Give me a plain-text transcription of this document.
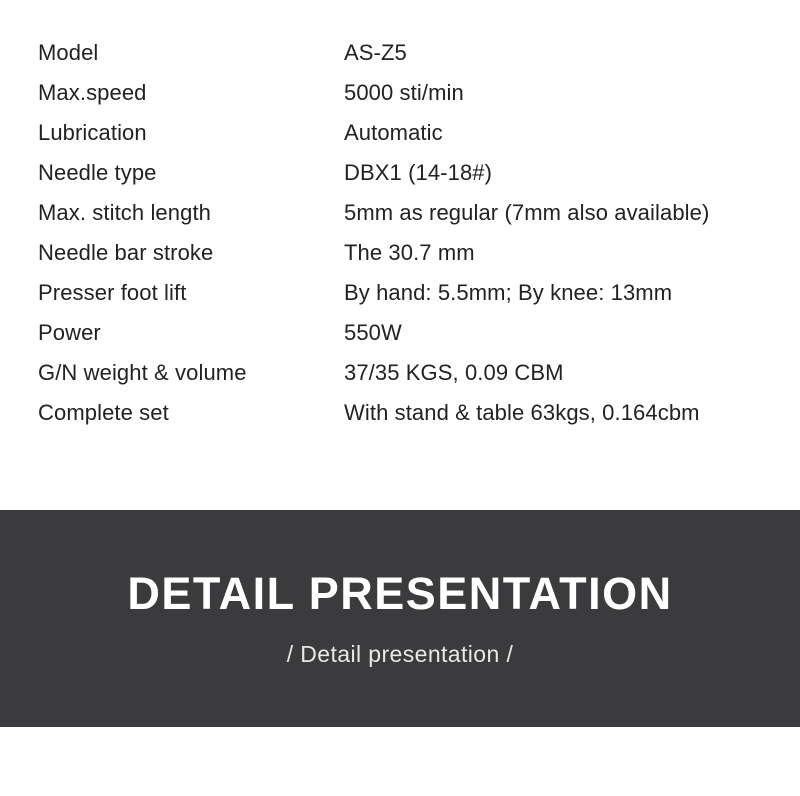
Model	AS-Z5
Max.speed	5000 sti/min
Lubrication	Automatic
Needle type	DBX1 (14-18#)
Max. stitch length	5mm as regular (7mm also available)
Needle bar stroke	The 30.7 mm
Presser foot lift	By hand: 5.5mm; By knee: 13mm
Power	550W
G/N weight & volume	37/35 KGS, 0.09 CBM
Complete set	With stand & table 63kgs, 0.164cbm
DETAIL PRESENTATION
/ Detail presentation /
